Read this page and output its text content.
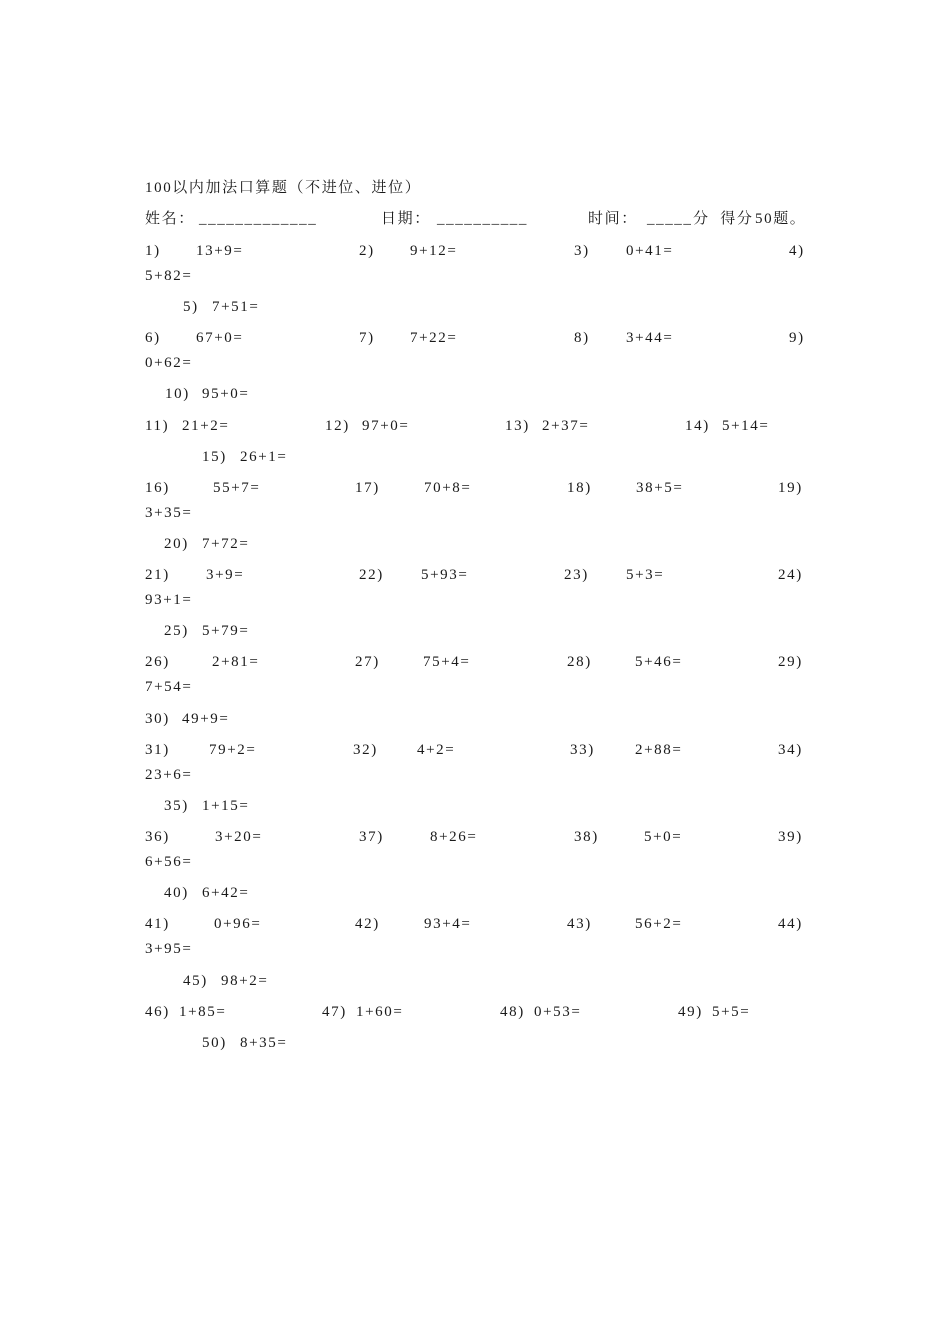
100以内加法口算题（不进位、进位）
姓名： _____________	日期： __________	时间： _____ 分  得分 50题。
1) 13+9=	2) 9+12=	3) 0+41=	4)
5+82=
5) 7+51=
6) 67+0=	7) 7+22=	8) 3+44=	9)
0+62=
10) 95+0=
11) 21+2=	12) 97+0=	13) 2+37=	14) 5+14=
15) 26+1=
16)	55+7=	17)	70+8=	18)	38+5=	19)
3+35=
20) 7+72=
21) 3+9=	22) 5+93=	23) 5+3=	24)
93+1=
25) 5+79=
26)	2+81=	27)	75+4=	28)	5+46=	29)
7+54=
30) 49+9=
31)	79+2=	32)	4+2=	33)	2+88=	34)
23+6=
35) 1+15=
36)	3+20=	37)	8+26=	38)	5+0=	39)
6+56=
40) 6+42=
41)	0+96=	42)	93+4=	43)	56+2=	44)
3+95=
45) 98+2=
46) 1+85=	47) 1+60=	48) 0+53=	49) 5+5=
50) 8+35=
